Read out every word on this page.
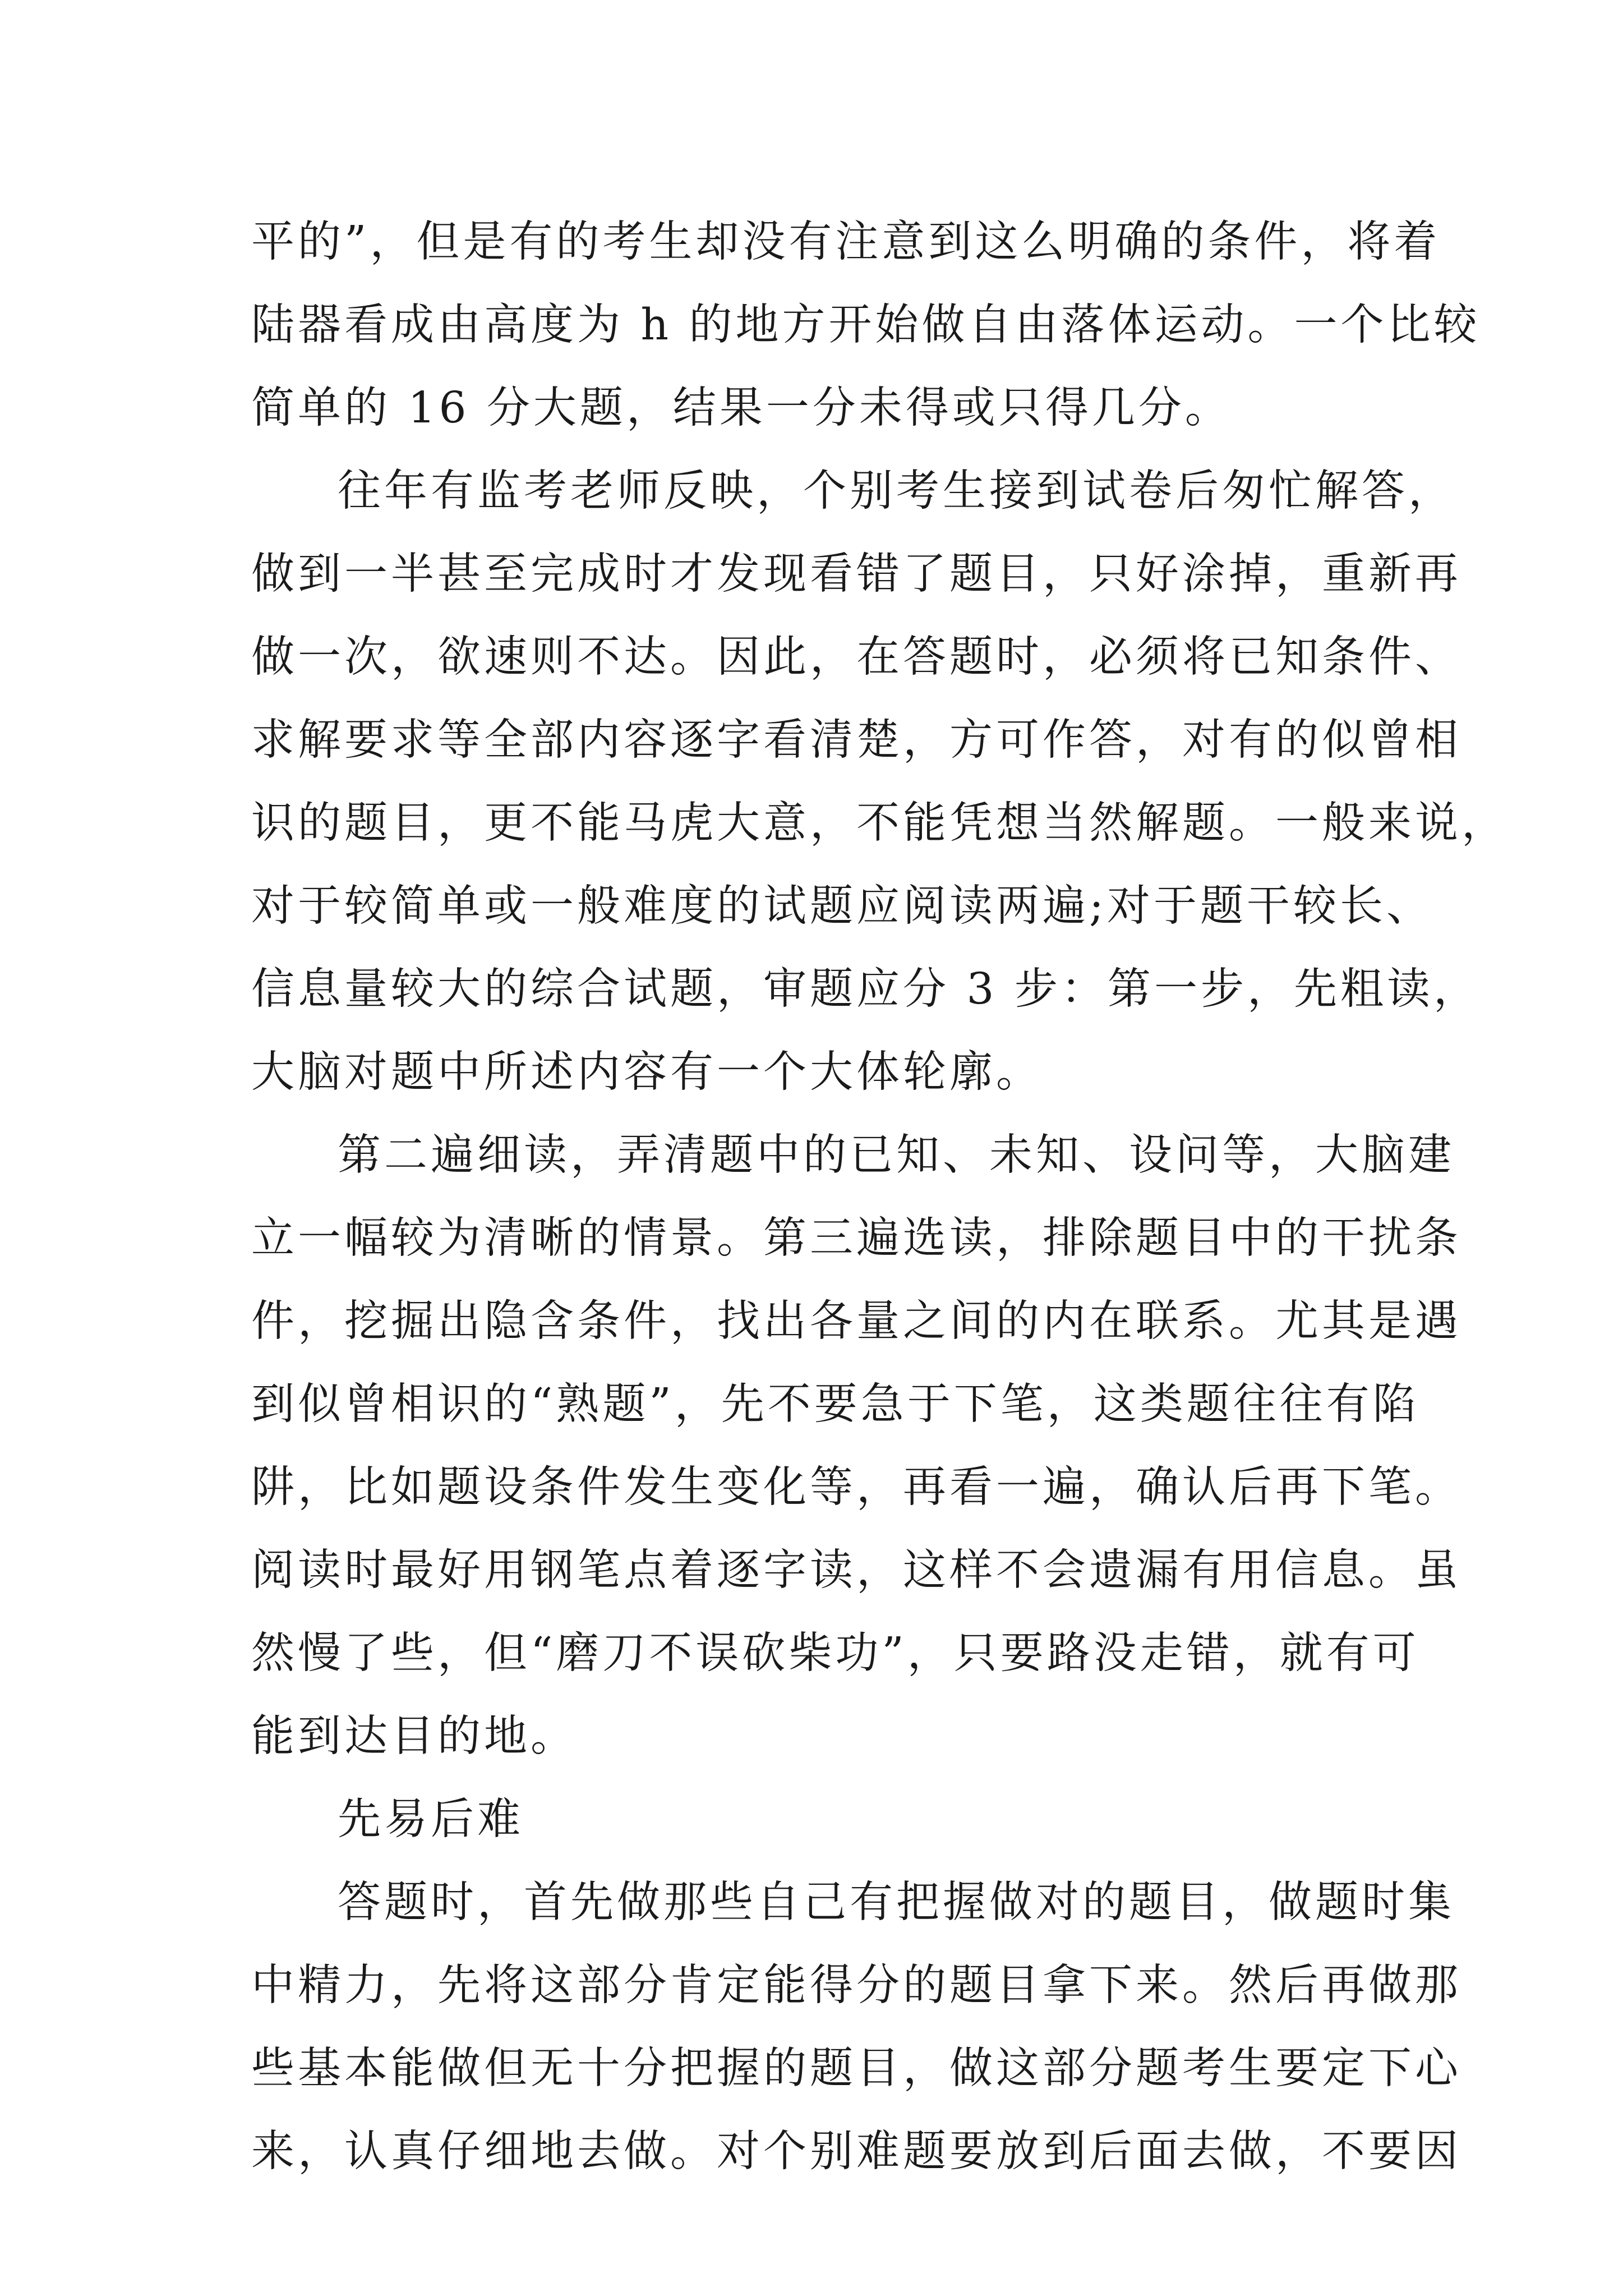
平的”，但是有的考生却没有注意到这么明确的条件，将着
陆器看成由高度为 h 的地方开始做自由落体运动。一个比较
简单的 16 分大题，结果一分未得或只得几分。
往年有监考老师反映，个别考生接到试卷后匆忙解答，
做到一半甚至完成时才发现看错了题目，只好涂掉，重新再
做一次，欲速则不达。因此，在答题时，必须将已知条件、
求解要求等全部内容逐字看清楚，方可作答，对有的似曾相
识的题目，更不能马虎大意，不能凭想当然解题。一般来说，
对于较简单或一般难度的试题应阅读两遍;对于题干较长、
信息量较大的综合试题，审题应分 3 步：第一步，先粗读，
大脑对题中所述内容有一个大体轮廓。
第二遍细读，弄清题中的已知、未知、设问等，大脑建
立一幅较为清晰的情景。第三遍选读，排除题目中的干扰条
件，挖掘出隐含条件，找出各量之间的内在联系。尤其是遇
到似曾相识的“熟题”，先不要急于下笔，这类题往往有陷
阱，比如题设条件发生变化等，再看一遍，确认后再下笔。
阅读时最好用钢笔点着逐字读，这样不会遗漏有用信息。虽
然慢了些，但“磨刀不误砍柴功”，只要路没走错，就有可
能到达目的地。
先易后难
答题时，首先做那些自己有把握做对的题目，做题时集
中精力，先将这部分肯定能得分的题目拿下来。然后再做那
些基本能做但无十分把握的题目，做这部分题考生要定下心
来，认真仔细地去做。对个别难题要放到后面去做，不要因
